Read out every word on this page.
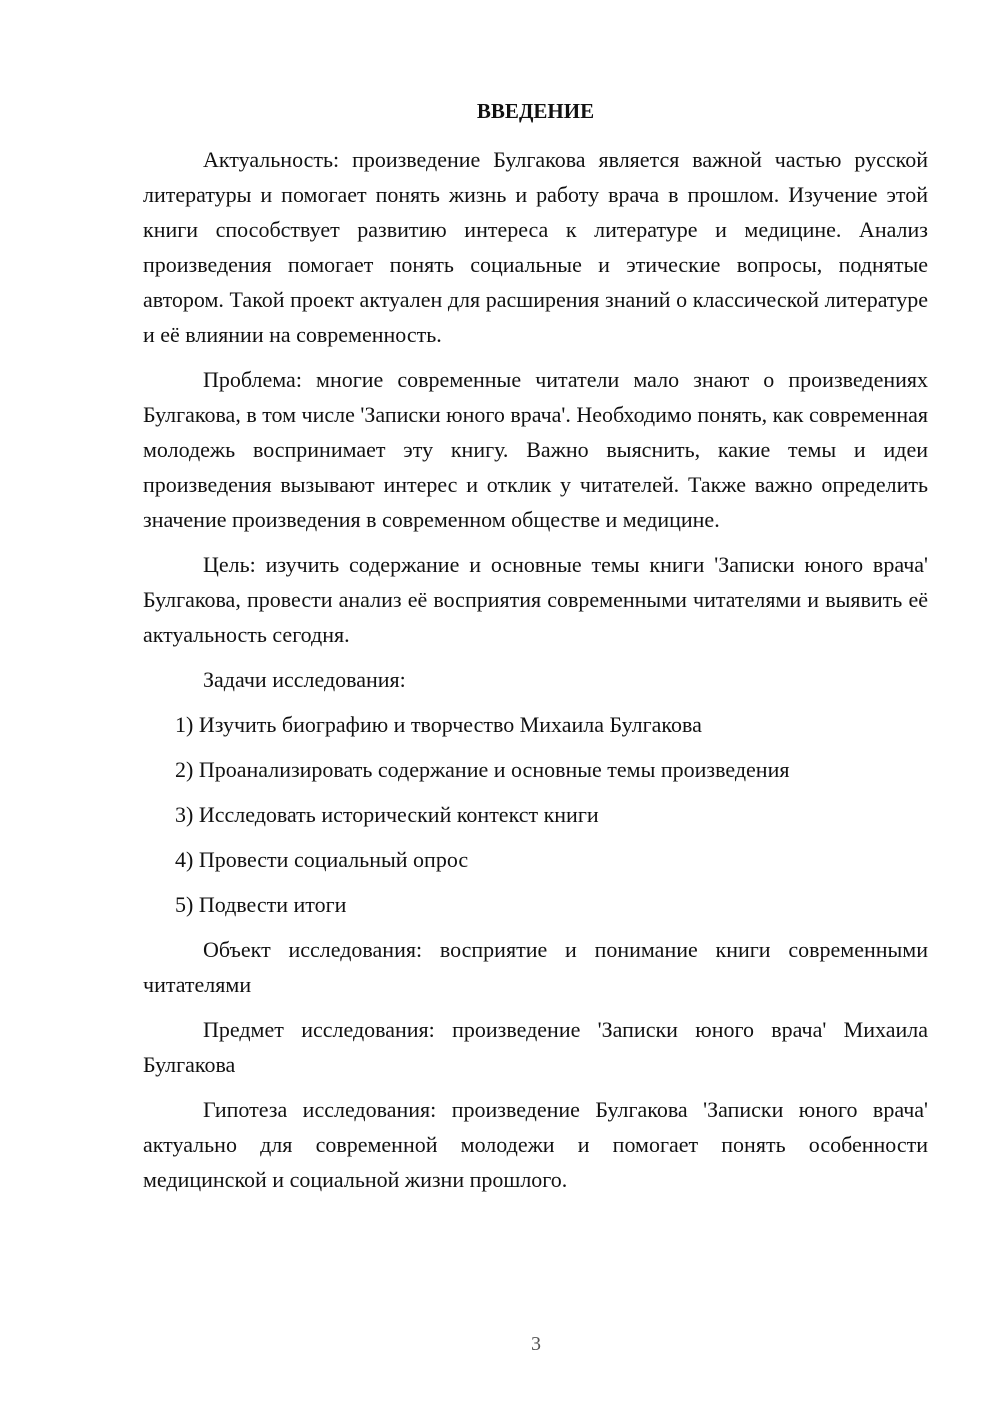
ВВЕДЕНИЕ

Актуальность: произведение Булгакова является важной частью русской литературы и помогает понять жизнь и работу врача в прошлом. Изучение этой книги способствует развитию интереса к литературе и медицине. Анализ произведения помогает понять социальные и этические вопросы, поднятые автором. Такой проект актуален для расширения знаний о классической литературе и её влиянии на современность.

Проблема: многие современные читатели мало знают о произведениях Булгакова, в том числе 'Записки юного врача'. Необходимо понять, как современная молодежь воспринимает эту книгу. Важно выяснить, какие темы и идеи произведения вызывают интерес и отклик у читателей. Также важно определить значение произведения в современном обществе и медицине.

Цель: изучить содержание и основные темы книги 'Записки юного врача' Булгакова, провести анализ её восприятия современными читателями и выявить её актуальность сегодня.

Задачи исследования:

1) Изучить биографию и творчество Михаила Булгакова
2) Проанализировать содержание и основные темы произведения
3) Исследовать исторический контекст книги
4) Провести социальный опрос
5) Подвести итоги

Объект исследования: восприятие и понимание книги современными читателями

Предмет исследования: произведение 'Записки юного врача' Михаила Булгакова

Гипотеза исследования: произведение Булгакова 'Записки юного врача' актуально для современной молодежи и помогает понять особенности медицинской и социальной жизни прошлого.

3
